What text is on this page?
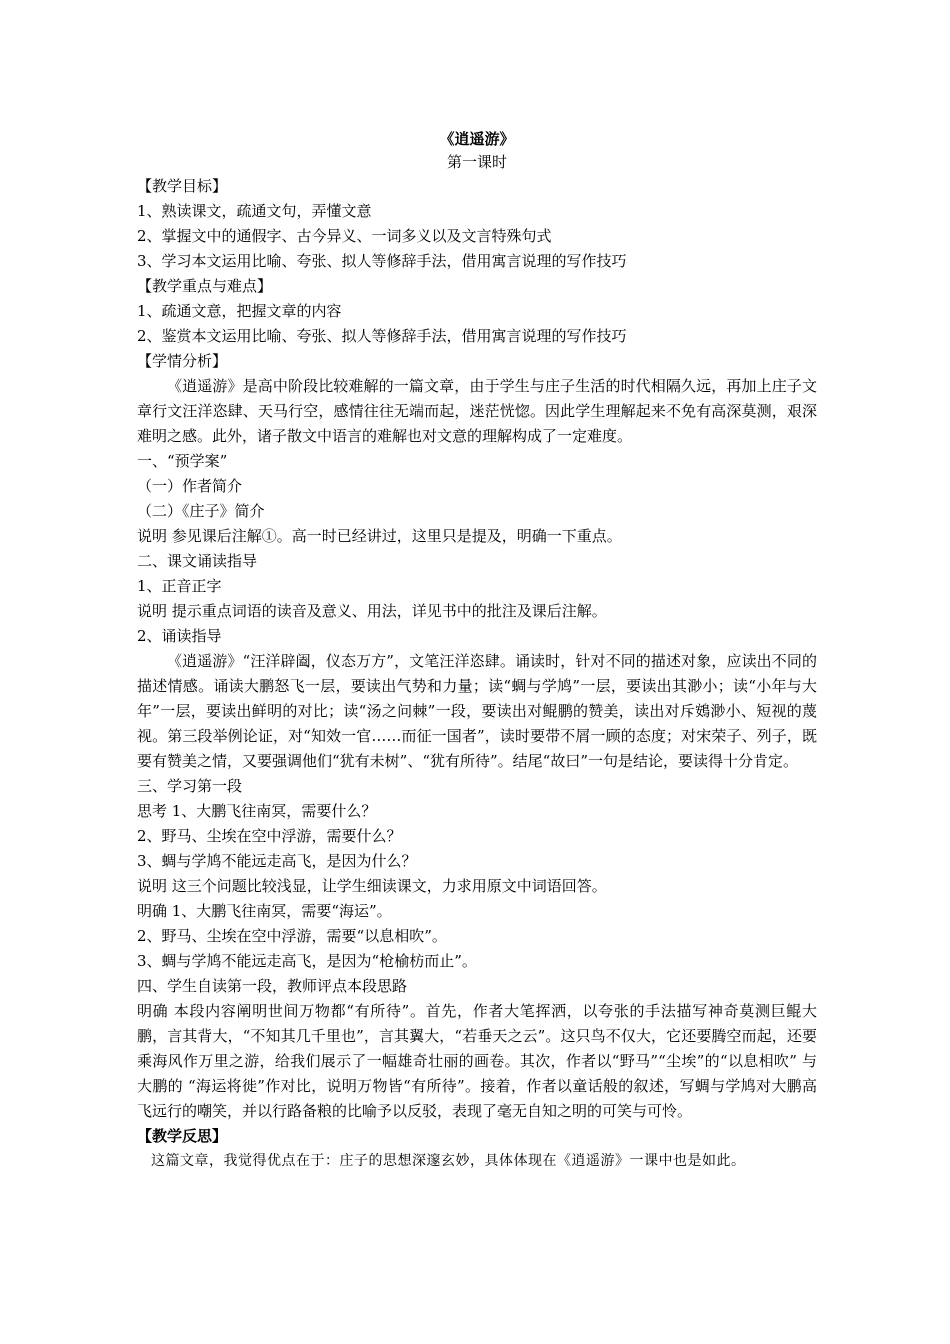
《逍遥游》
第一课时
【教学目标】
1、熟读课文，疏通文句，弄懂文意
2、掌握文中的通假字、古今异义、一词多义以及文言特殊句式
3、学习本文运用比喻、夸张、拟人等修辞手法，借用寓言说理的写作技巧
【教学重点与难点】
1、疏通文意，把握文章的内容
2、鉴赏本文运用比喻、夸张、拟人等修辞手法，借用寓言说理的写作技巧
【学情分析】
《逍遥游》是高中阶段比较难解的一篇文章，由于学生与庄子生活的时代相隔久远，再加上庄子文章行文汪洋恣肆、天马行空，感情往往无端而起，迷茫恍惚。因此学生理解起来不免有高深莫测，艰深难明之感。此外，诸子散文中语言的难解也对文意的理解构成了一定难度。
一、“预学案”
（一）作者简介
（二）《庄子》简介
说明 参见课后注解①。高一时已经讲过，这里只是提及，明确一下重点。
二、课文诵读指导
1、正音正字
说明 提示重点词语的读音及意义、用法，详见书中的批注及课后注解。
2、诵读指导
《逍遥游》“汪洋辟阖，仪态万方”，文笔汪洋恣肆。诵读时，针对不同的描述对象，应读出不同的描述情感。诵读大鹏怒飞一层，要读出气势和力量；读“蜩与学鸠”一层，要读出其渺小；读“小年与大年”一层，要读出鲜明的对比；读“汤之问棘”一段，要读出对鲲鹏的赞美，读出对斥鴳渺小、短视的蔑视。第三段举例论证，对“知效一官……而征一国者”，读时要带不屑一顾的态度；对宋荣子、列子，既要有赞美之情，又要强调他们“犹有未树”、“犹有所待”。结尾“故曰”一句是结论，要读得十分肯定。
三、学习第一段
思考 1、大鹏飞往南冥，需要什么？
2、野马、尘埃在空中浮游，需要什么？
3、蜩与学鸠不能远走高飞，是因为什么？
说明 这三个问题比较浅显，让学生细读课文，力求用原文中词语回答。
明确 1、大鹏飞往南冥，需要“海运”。
2、野马、尘埃在空中浮游，需要“以息相吹”。
3、蜩与学鸠不能远走高飞，是因为“枪榆枋而止”。
四、学生自读第一段，教师评点本段思路
明确 本段内容阐明世间万物都“有所待”。首先，作者大笔挥洒，以夸张的手法描写神奇莫测巨鲲大鹏，言其背大，“不知其几千里也”，言其翼大，“若垂天之云”。这只鸟不仅大，它还要腾空而起，还要乘海风作万里之游，给我们展示了一幅雄奇壮丽的画卷。其次，作者以“野马”“尘埃”的“以息相吹” 与大鹏的 “海运将徙”作对比，说明万物皆“有所待”。接着，作者以童话般的叙述，写蜩与学鸠对大鹏高飞远行的嘲笑，并以行路备粮的比喻予以反驳，表现了毫无自知之明的可笑与可怜。
【教学反思】
这篇文章，我觉得优点在于：庄子的思想深邃玄妙，具体体现在《逍遥游》一课中也是如此。
